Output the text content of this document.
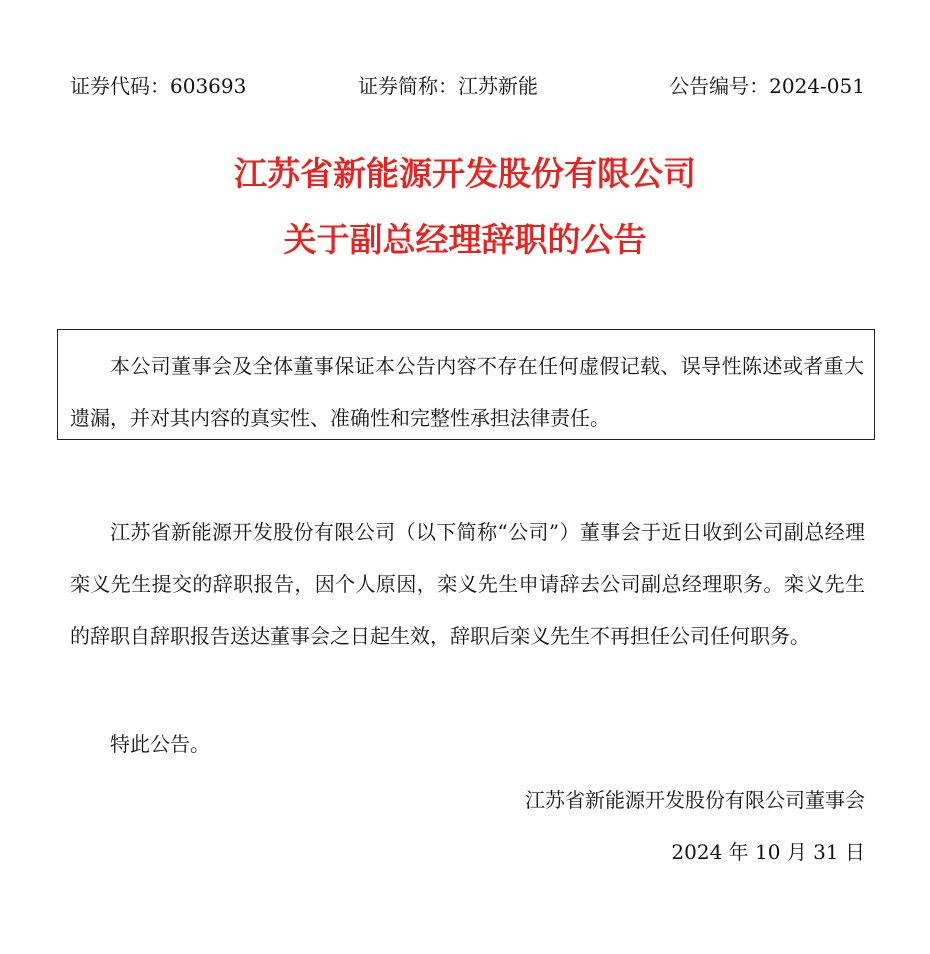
证券代码：603693	证券简称：江苏新能	公告编号：2024-051
江苏省新能源开发股份有限公司
关于副总经理辞职的公告
本公司董事会及全体董事保证本公告内容不存在任何虚假记载、误导性陈述或者重大遗漏，并对其内容的真实性、准确性和完整性承担法律责任。

江苏省新能源开发股份有限公司（以下简称“公司”）董事会于近日收到公司副总经理栾义先生提交的辞职报告，因个人原因，栾义先生申请辞去公司副总经理职务。栾义先生的辞职自辞职报告送达董事会之日起生效，辞职后栾义先生不再担任公司任何职务。

特此公告。

江苏省新能源开发股份有限公司董事会
2024 年 10 月 31 日
